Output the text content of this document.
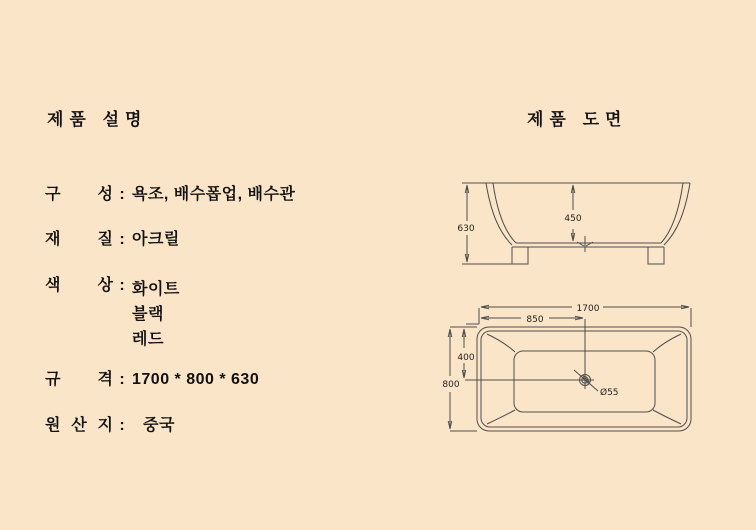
제품 설명	제품 도면
구 성 : 욕조, 배수폽업, 배수관
재 질 : 아크릴
색 상 : 화이트
블랙
레드
규 격 : 1700 * 800 * 630
원 산 지 : 중국
630
450
1700
850
800
400
Ø55
